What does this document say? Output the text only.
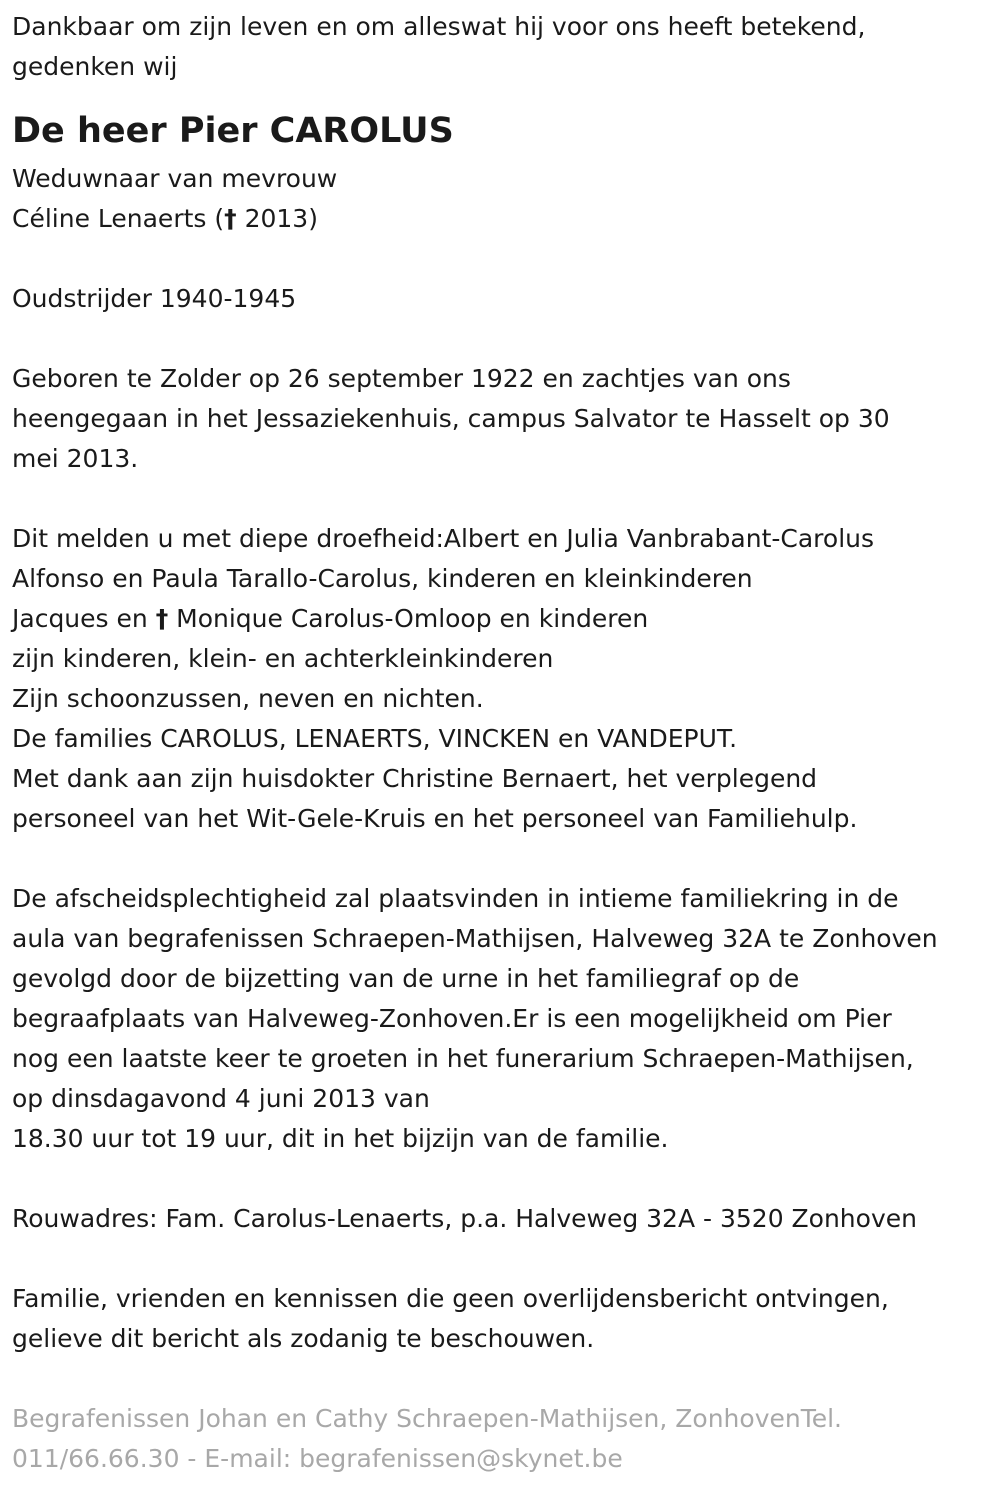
Dankbaar om zijn leven en om alleswat hij voor ons heeft betekend,
gedenken wij
De heer Pier CAROLUS
Weduwnaar van mevrouw
Céline Lenaerts († 2013)
Oudstrijder 1940-1945
Geboren te Zolder op 26 september 1922 en zachtjes van ons
heengegaan in het Jessaziekenhuis, campus Salvator te Hasselt op 30
mei 2013.
Dit melden u met diepe droefheid:Albert en Julia Vanbrabant-Carolus
Alfonso en Paula Tarallo-Carolus, kinderen en kleinkinderen
Jacques en † Monique Carolus-Omloop en kinderen
zijn kinderen, klein- en achterkleinkinderen
Zijn schoonzussen, neven en nichten.
De families CAROLUS, LENAERTS, VINCKEN en VANDEPUT.
Met dank aan zijn huisdokter Christine Bernaert, het verplegend
personeel van het Wit-Gele-Kruis en het personeel van Familiehulp.
De afscheidsplechtigheid zal plaatsvinden in intieme familiekring in de
aula van begrafenissen Schraepen-Mathijsen, Halveweg 32A te Zonhoven
gevolgd door de bijzetting van de urne in het familiegraf op de
begraafplaats van Halveweg-Zonhoven.Er is een mogelijkheid om Pier
nog een laatste keer te groeten in het funerarium Schraepen-Mathijsen,
op dinsdagavond 4 juni 2013 van
18.30 uur tot 19 uur, dit in het bijzijn van de familie.
Rouwadres: Fam. Carolus-Lenaerts, p.a. Halveweg 32A - 3520 Zonhoven
Familie, vrienden en kennissen die geen overlijdensbericht ontvingen,
gelieve dit bericht als zodanig te beschouwen.
Begrafenissen Johan en Cathy Schraepen-Mathijsen, ZonhovenTel.
011/66.66.30 - E-mail: begrafenissen@skynet.be
